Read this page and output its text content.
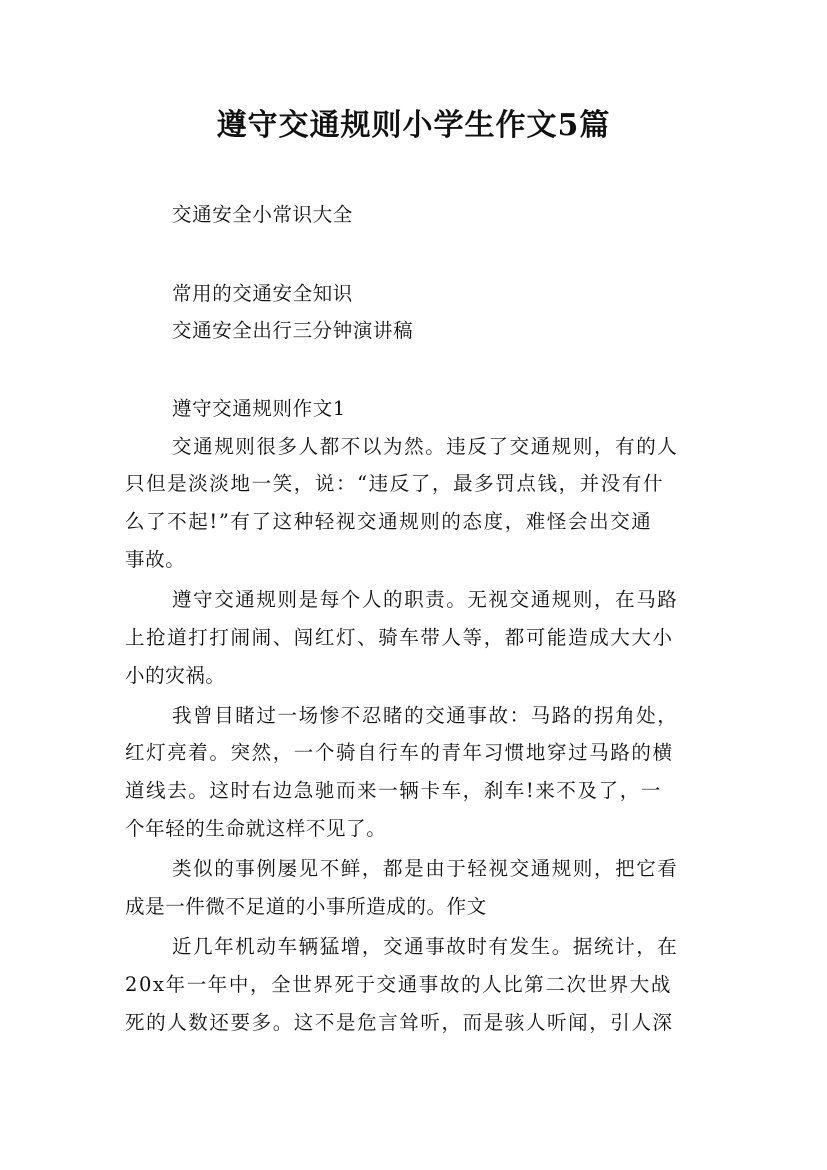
遵守交通规则小学生作文5篇
交通安全小常识大全
常用的交通安全知识
交通安全出行三分钟演讲稿
遵守交通规则作文1
交通规则很多人都不以为然。违反了交通规则，有的人
只但是淡淡地一笑，说：“违反了，最多罚点钱，并没有什
么了不起!”有了这种轻视交通规则的态度，难怪会出交通
事故。
遵守交通规则是每个人的职责。无视交通规则，在马路
上抢道打打闹闹、闯红灯、骑车带人等，都可能造成大大小
小的灾祸。
我曾目睹过一场惨不忍睹的交通事故：马路的拐角处，
红灯亮着。突然，一个骑自行车的青年习惯地穿过马路的横
道线去。这时右边急驰而来一辆卡车，刹车!来不及了，一
个年轻的生命就这样不见了。
类似的事例屡见不鲜，都是由于轻视交通规则，把它看
成是一件微不足道的小事所造成的。作文
近几年机动车辆猛增，交通事故时有发生。据统计，在
20x年一年中，全世界死于交通事故的人比第二次世界大战
死的人数还要多。这不是危言耸听，而是骇人听闻，引人深
